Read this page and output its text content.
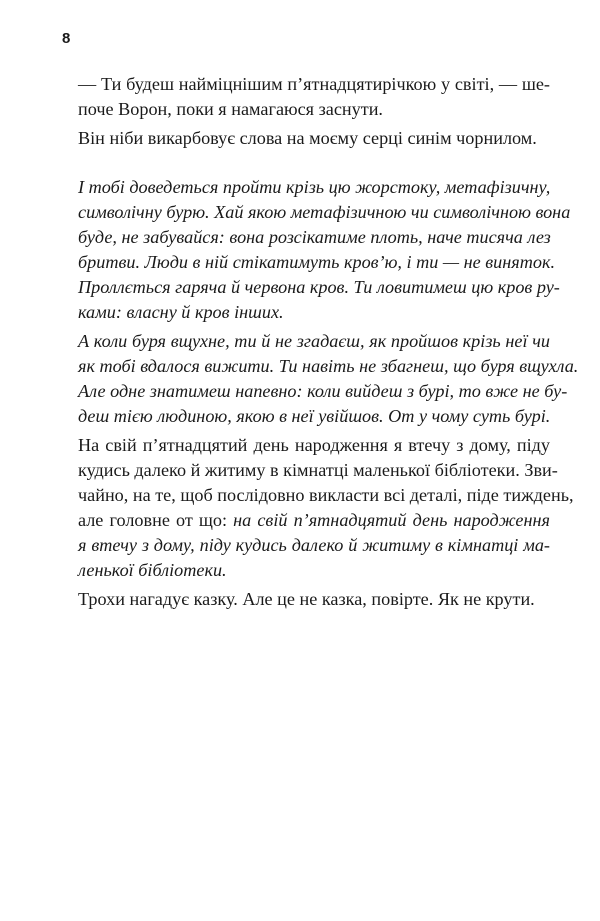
8

— Ти будеш найміцнішим п’ятнадцятирічкою у світі, — ше-
поче Ворон, поки я намагаюся заснути.

Він ніби викарбовує слова на моєму серці синім чорнилом.

І тобі доведеться пройти крізь цю жорстоку, метафізичну,
символічну бурю. Хай якою метафізичною чи символічною вона
буде, не забувайся: вона розсікатиме плоть, наче тисяча лез
бритви. Люди в ній стікатимуть кров’ю, і ти — не виняток.
Проллється гаряча й червона кров. Ти ловитимеш цю кров ру-
ками: власну й кров інших.

А коли буря вщухне, ти й не згадаєш, як пройшов крізь неї чи
як тобі вдалося вижити. Ти навіть не збагнеш, що буря вщухла.
Але одне знатимеш напевно: коли вийдеш з бурі, то вже не бу-
деш тією людиною, якою в неї увійшов. От у чому суть бурі.

На свій п’ятнадцятий день народження я втечу з дому, піду
кудись далеко й житиму в кімнатці маленької бібліотеки. Зви-
чайно, на те, щоб послідовно викласти всі деталі, піде тиждень,
але головне от що: на свій п’ятнадцятий день народження
я втечу з дому, піду кудись далеко й житиму в кімнатці ма-
ленької бібліотеки.

Трохи нагадує казку. Але це не казка, повірте. Як не крути.
